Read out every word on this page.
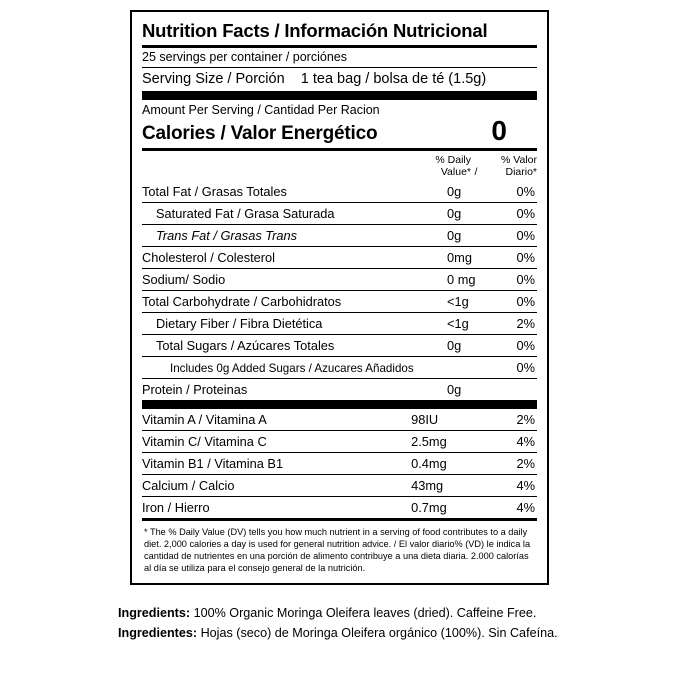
Nutrition Facts / Información Nutricional
25 servings per container / porciónes
Serving Size / Porción 1 tea bag / bolsa de té (1.5g)
Amount Per Serving / Cantidad Per Racion
Calories / Valor Energético	0
% Daily
Value* /
% Valor
Diario*
Total Fat / Grasas Totales	0g	0%
Saturated Fat / Grasa Saturada	0g	0%
Trans Fat / Grasas Trans	0g	0%
Cholesterol / Colesterol	0mg	0%
Sodium/ Sodio	0 mg	0%
Total Carbohydrate / Carbohidratos	<1g	0%
Dietary Fiber / Fibra Dietética	<1g	2%
Total Sugars / Azúcares Totales	0g	0%
Includes 0g Added Sugars / Azucares Añadidos		0%
Protein / Proteinas	0g	
Vitamin A / Vitamina A	98IU	2%
Vitamin C/ Vitamina C	2.5mg	4%
Vitamin B1 / Vitamina B1	0.4mg	2%
Calcium / Calcio	43mg	4%
Iron / Hierro	0.7mg	4%
* The % Daily Value (DV) tells you how much nutrient in a serving of food contributes to a daily diet. 2,000 calories a day is used for general nutrition advice. / El valor diario% (VD) le indica la cantidad de nutrientes en una porción de alimento contribuye a una dieta diaria. 2.000 calorías al día se utiliza para el consejo general de la nutrición.
Ingredients: 100% Organic Moringa Oleifera leaves (dried). Caffeine Free.
Ingredientes: Hojas (seco) de Moringa Oleifera orgánico (100%). Sin Cafeína.
